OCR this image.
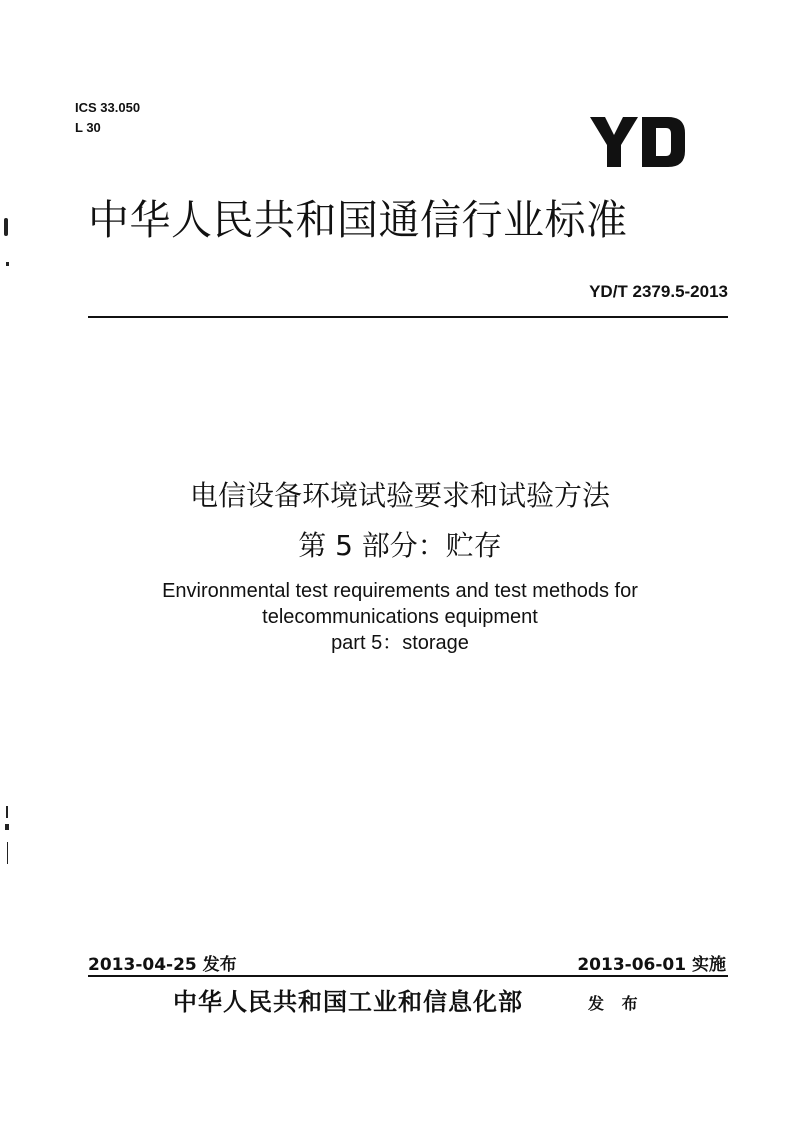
ICS 33.050
L 30
中华人民共和国通信行业标准
YD/T 2379.5-2013
电信设备环境试验要求和试验方法
第 5 部分：贮存
Environmental test requirements and test methods for
telecommunications equipment
part 5：storage
2013-04-25 发布	2013-06-01 实施
中华人民共和国工业和信息化部	发 布
